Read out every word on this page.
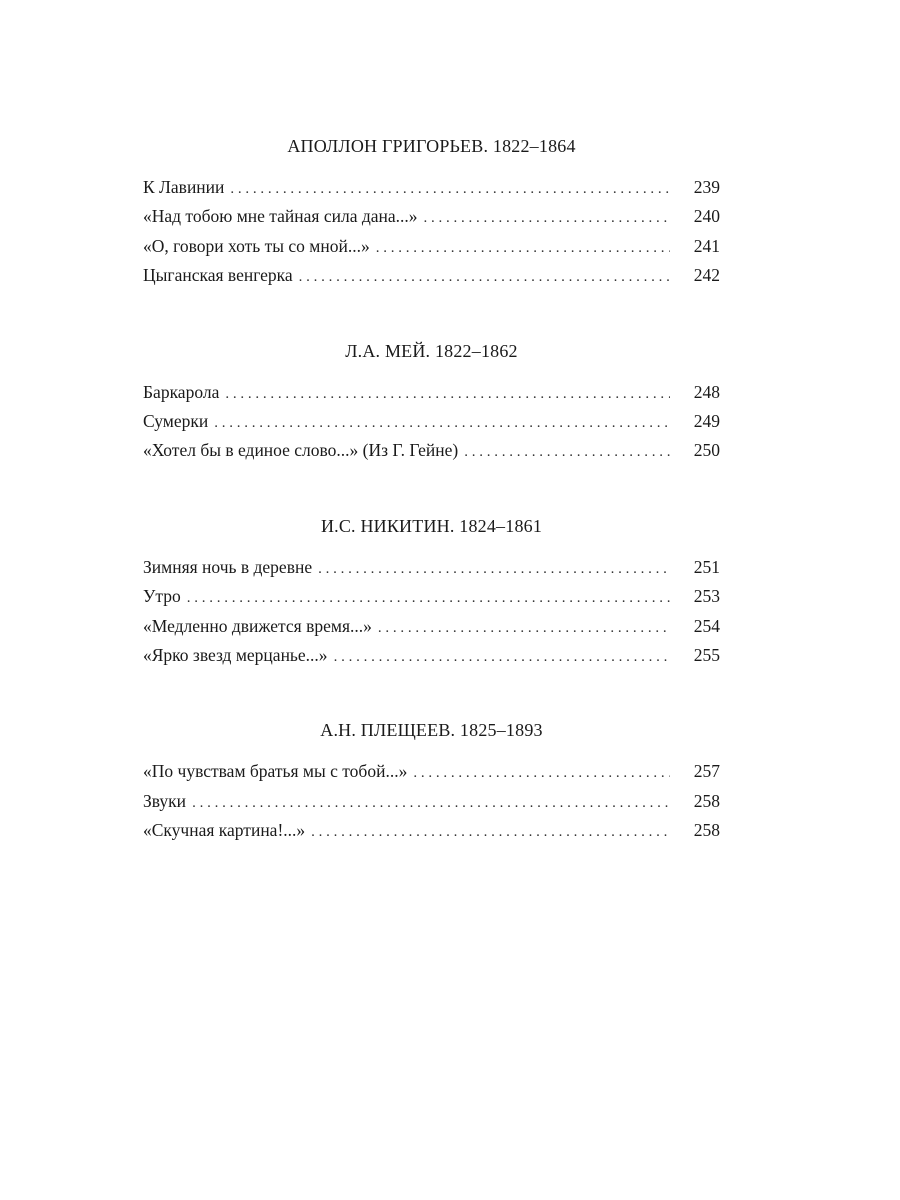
АПОЛЛОН ГРИГОРЬЕВ. 1822–1864
К Лавинии . . .	239
«Над тобою мне тайная сила дана...» . . .	240
«О, говори хоть ты со мной...» . . .	241
Цыганская венгерка . . .	242
Л.А. МЕЙ. 1822–1862
Баркарола . . .	248
Сумерки . . .	249
«Хотел бы в единое слово...» (Из Г. Гейне) . . .	250
И.С. НИКИТИН. 1824–1861
Зимняя ночь в деревне . . .	251
Утро . . .	253
«Медленно движется время...» . . .	254
«Ярко звезд мерцанье...» . . .	255
А.Н. ПЛЕЩЕЕВ. 1825–1893
«По чувствам братья мы с тобой...» . . .	257
Звуки . . .	258
«Скучная картина!...» . . .	258
